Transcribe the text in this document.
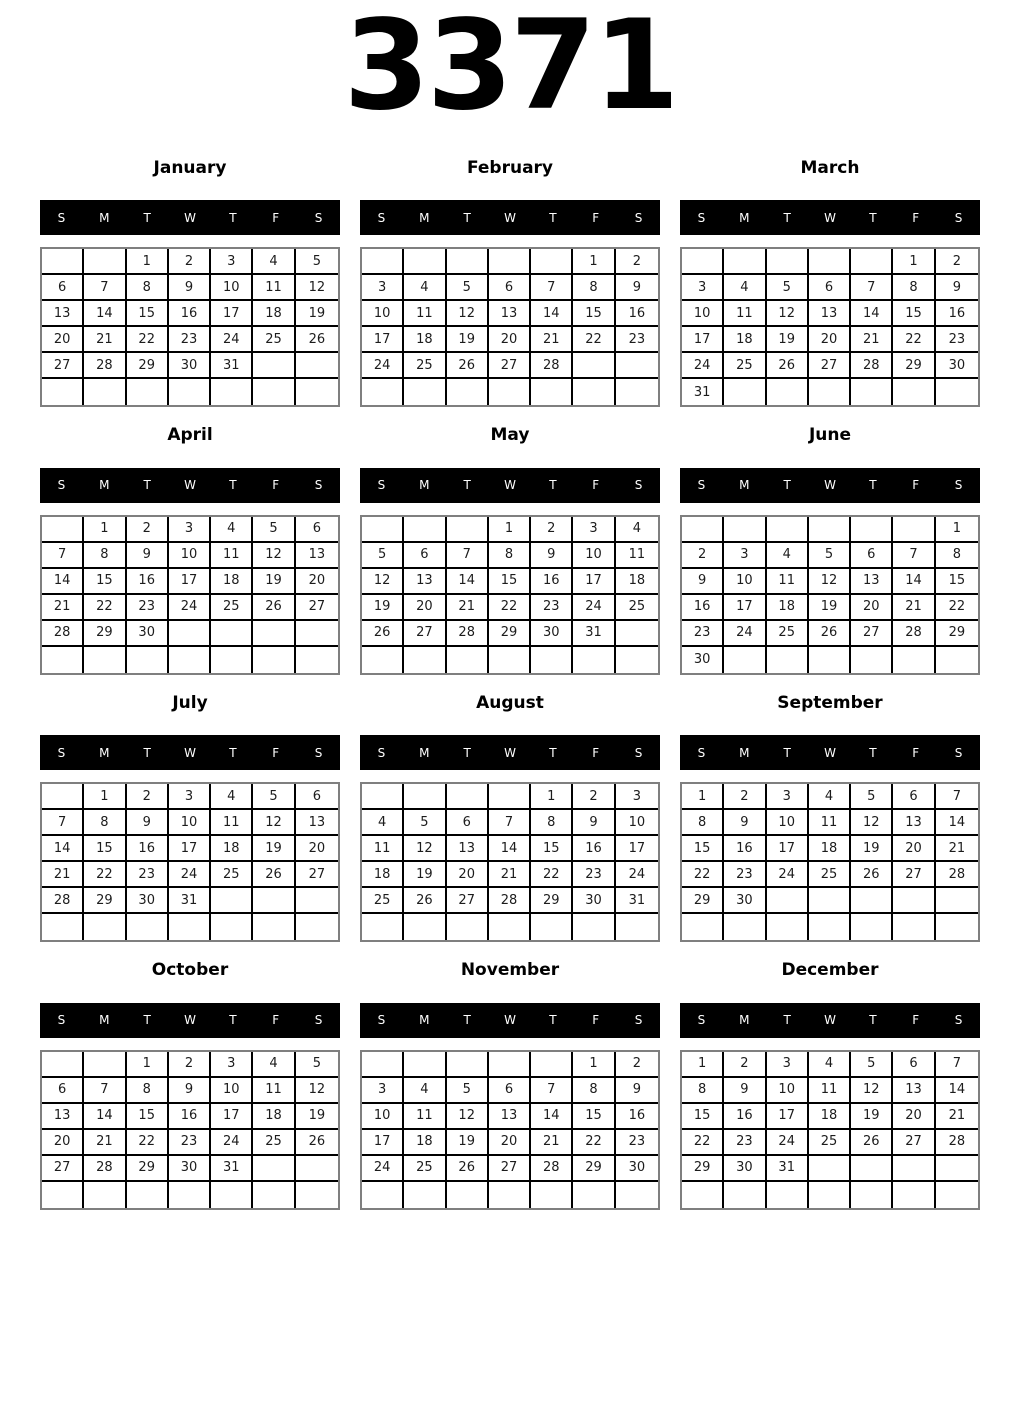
3371
January
S	M	T	W	T	F	S
		1	2	3	4	5
6	7	8	9	10	11	12
13	14	15	16	17	18	19
20	21	22	23	24	25	26
27	28	29	30	31		

February
S	M	T	W	T	F	S
					1	2
3	4	5	6	7	8	9
10	11	12	13	14	15	16
17	18	19	20	21	22	23
24	25	26	27	28		

March
S	M	T	W	T	F	S
					1	2
3	4	5	6	7	8	9
10	11	12	13	14	15	16
17	18	19	20	21	22	23
24	25	26	27	28	29	30
31						
April
S	M	T	W	T	F	S
	1	2	3	4	5	6
7	8	9	10	11	12	13
14	15	16	17	18	19	20
21	22	23	24	25	26	27
28	29	30				

May
S	M	T	W	T	F	S
			1	2	3	4
5	6	7	8	9	10	11
12	13	14	15	16	17	18
19	20	21	22	23	24	25
26	27	28	29	30	31	

June
S	M	T	W	T	F	S
						1
2	3	4	5	6	7	8
9	10	11	12	13	14	15
16	17	18	19	20	21	22
23	24	25	26	27	28	29
30						
July
S	M	T	W	T	F	S
	1	2	3	4	5	6
7	8	9	10	11	12	13
14	15	16	17	18	19	20
21	22	23	24	25	26	27
28	29	30	31			

August
S	M	T	W	T	F	S
				1	2	3
4	5	6	7	8	9	10
11	12	13	14	15	16	17
18	19	20	21	22	23	24
25	26	27	28	29	30	31

September
S	M	T	W	T	F	S
1	2	3	4	5	6	7
8	9	10	11	12	13	14
15	16	17	18	19	20	21
22	23	24	25	26	27	28
29	30					

October
S	M	T	W	T	F	S
		1	2	3	4	5
6	7	8	9	10	11	12
13	14	15	16	17	18	19
20	21	22	23	24	25	26
27	28	29	30	31		

November
S	M	T	W	T	F	S
					1	2
3	4	5	6	7	8	9
10	11	12	13	14	15	16
17	18	19	20	21	22	23
24	25	26	27	28	29	30

December
S	M	T	W	T	F	S
1	2	3	4	5	6	7
8	9	10	11	12	13	14
15	16	17	18	19	20	21
22	23	24	25	26	27	28
29	30	31				
